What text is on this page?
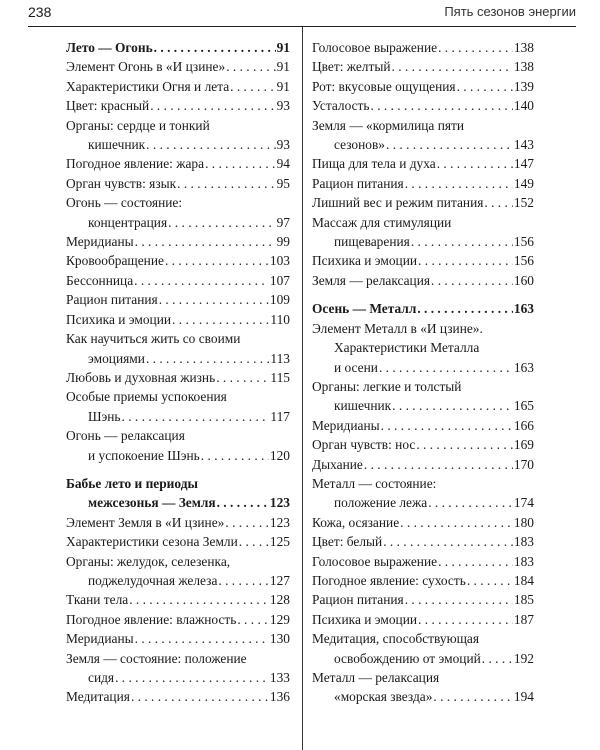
238	Пять сезонов энергии
Лето — Огонь . . .	91
Элемент Огонь в «И цзине» . . .	91
Характеристики Огня и лета . . .	91
Цвет: красный . . .	93
Органы: сердце и тонкий
кишечник . . .	93
Погодное явление: жара . . .	94
Орган чувств: язык . . .	95
Огонь — состояние:
концентрация . . .	97
Меридианы . . .	99
Кровообращение . . .	103
Бессонница . . .	107
Рацион питания . . .	109
Психика и эмоции . . .	110
Как научиться жить со своими
эмоциями . . .	113
Любовь и духовная жизнь . . .	115
Особые приемы успокоения
Шэнь . . .	117
Огонь — релаксация
и успокоение Шэнь . . .	120
Бабье лето и периоды
межсезонья — Земля . . .	123
Элемент Земля в «И цзине» . . .	123
Характеристики сезона Земли . . . 125
Органы: желудок, селезенка,
поджелудочная железа . . .	127
Ткани тела . . .	128
Погодное явление: влажность . . .	129
Меридианы . . .	130
Земля — состояние: положение
сидя . . .	133
Медитация . . .	136
Голосовое выражение . . .	138
Цвет: желтый . . .	138
Рот: вкусовые ощущения . . .	139
Усталость . . .	140
Земля — «кормилица пяти
сезонов» . . .	143
Пища для тела и духа . . .	147
Рацион питания . . .	149
Лишний вес и режим питания . . . 152
Массаж для стимуляции
пищеварения . . .	156
Психика и эмоции . . .	156
Земля — релаксация . . .	160
Осень — Металл . . .	163
Элемент Металл в «И цзине».
Характеристики Металла
и осени . . .	163
Органы: легкие и толстый
кишечник . . .	165
Меридианы . . .	166
Орган чувств: нос . . .	169
Дыхание . . .	170
Металл — состояние:
положение лежа . . .	174
Кожа, осязание . . .	180
Цвет: белый . . .	183
Голосовое выражение . . .	183
Погодное явление: сухость . . .	184
Рацион питания . . .	185
Психика и эмоции . . .	187
Медитация, способствующая
освобождению от эмоций . . . 192
Металл — релаксация
«морская звезда» . . .	194
